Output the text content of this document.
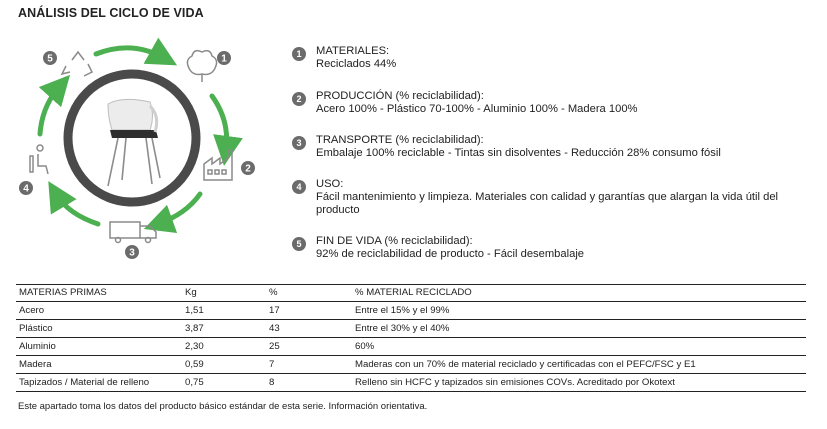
ANÁLISIS DEL CICLO DE VIDA
1
2
3
4
5	1	MATERIALES:
Reciclados 44%
2	PRODUCCIÓN (% reciclabilidad):
Acero 100% - Plástico 70-100% - Aluminio 100% - Madera 100%
3	TRANSPORTE (% reciclabilidad):
Embalaje 100% reciclable - Tintas sin disolventes - Reducción 28% consumo fósil
4	USO:
Fácil mantenimiento y limpieza. Materiales con calidad y garantías que alargan la vida útil del producto
5	FIN DE VIDA (% reciclabilidad):
92% de reciclabilidad de producto - Fácil desembalaje
MATERIAS PRIMAS	Kg	%	% MATERIAL RECICLADO
Acero	1,51	17	Entre el 15% y el 99%
Plástico	3,87	43	Entre el 30% y el 40%
Aluminio	2,30	25	60%
Madera	0,59	7	Maderas con un 70% de material reciclado y certificadas con el PEFC/FSC y E1
Tapizados / Material de relleno	0,75	8	Relleno sin HCFC y tapizados sin emisiones COVs. Acreditado por Okotext
Este apartado toma los datos del producto básico estándar de esta serie. Información orientativa.
